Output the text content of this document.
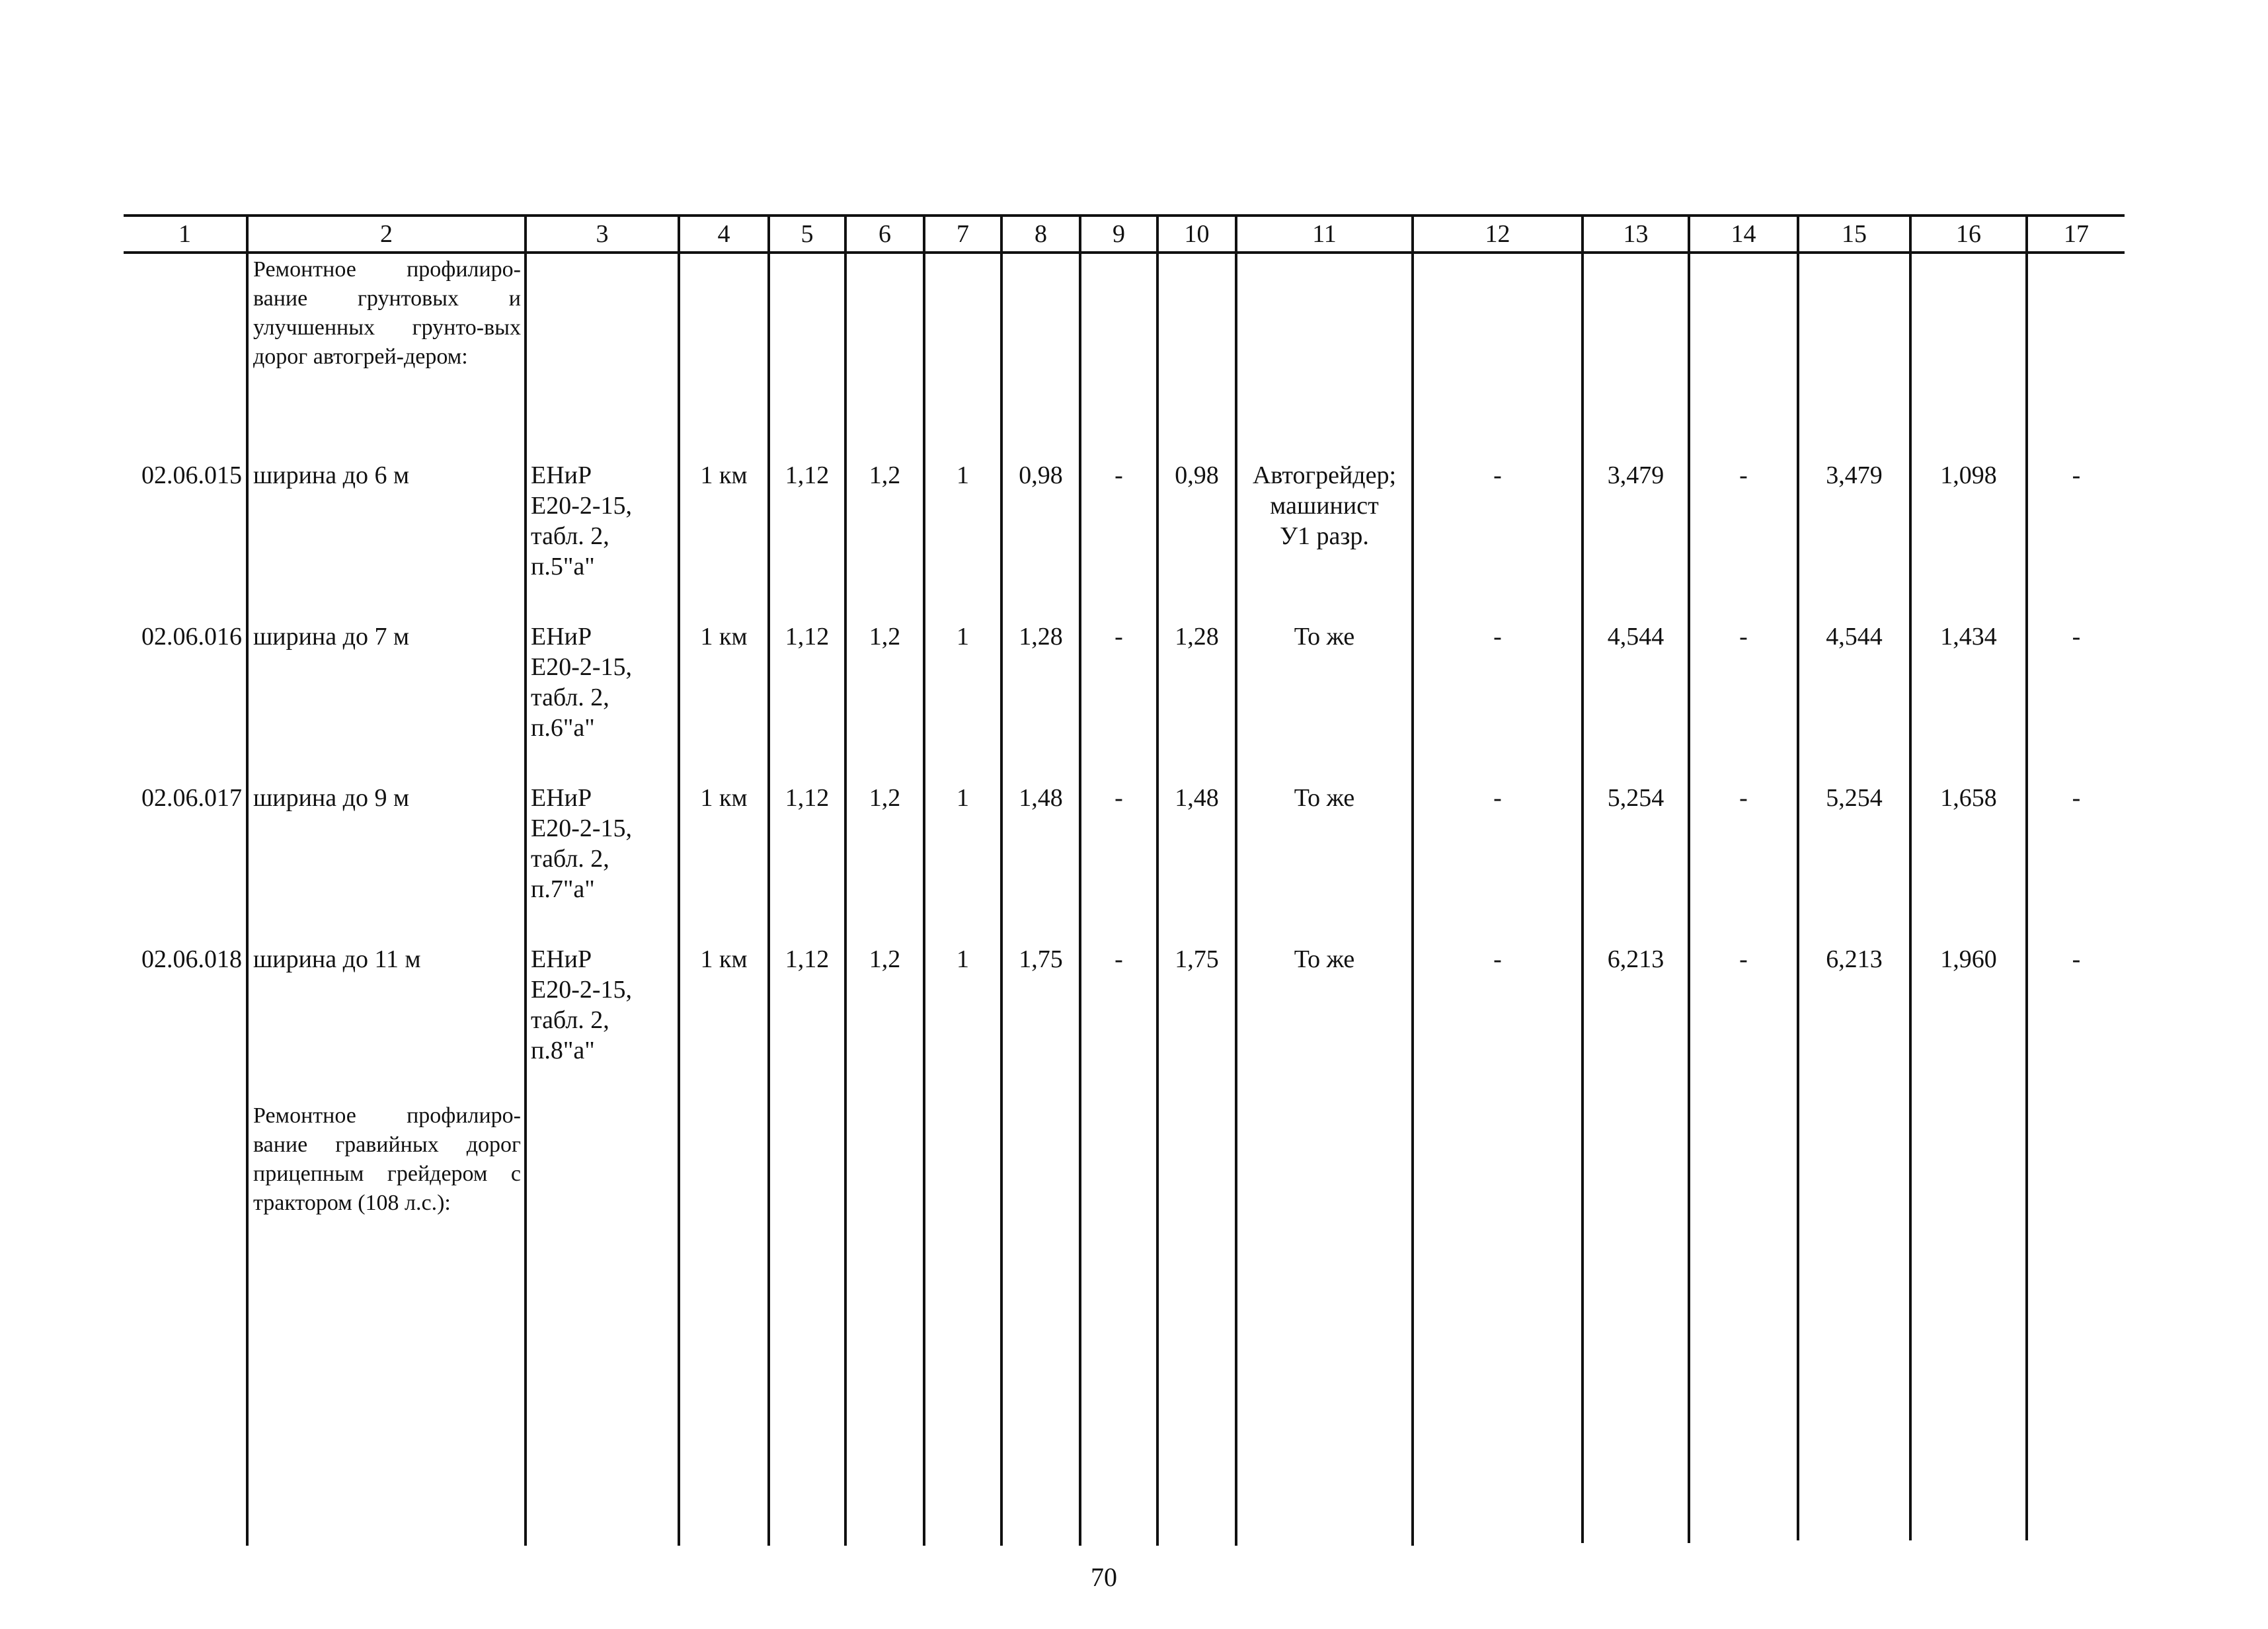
1	2	3	4	5	6	7	8	9	10	11	12	13	14	15	16	17
Ремонтное профилиро-вание грунтовых и улучшенных грунто-вых дорог автогрей-дером:
02.06.015 ширина до 6 м	ЕНиР
Е20-2-15,
табл. 2,
п.5"а"
1 км	1,12	1,2	1	0,98	-	0,98	Автогрейдер;
машинист
У1 разр.
-	3,479	-	3,479	1,098	-
02.06.016 ширина до 7 м	ЕНиР
Е20-2-15,
табл. 2,
п.6"а"
1 км	1,12	1,2	1	1,28	-	1,28	То же	-	4,544	-	4,544	1,434	-
02.06.017 ширина до 9 м	ЕНиР
Е20-2-15,
табл. 2,
п.7"а"
1 км	1,12	1,2	1	1,48	-	1,48	То же	-	5,254	-	5,254	1,658	-
02.06.018 ширина до 11 м	ЕНиР
Е20-2-15,
табл. 2,
п.8"а"
1 км	1,12	1,2	1	1,75	-	1,75	То же	-	6,213	-	6,213	1,960	-
Ремонтное профилиро-вание гравийных дорог прицепным грейдером с трактором (108 л.с.):
70
